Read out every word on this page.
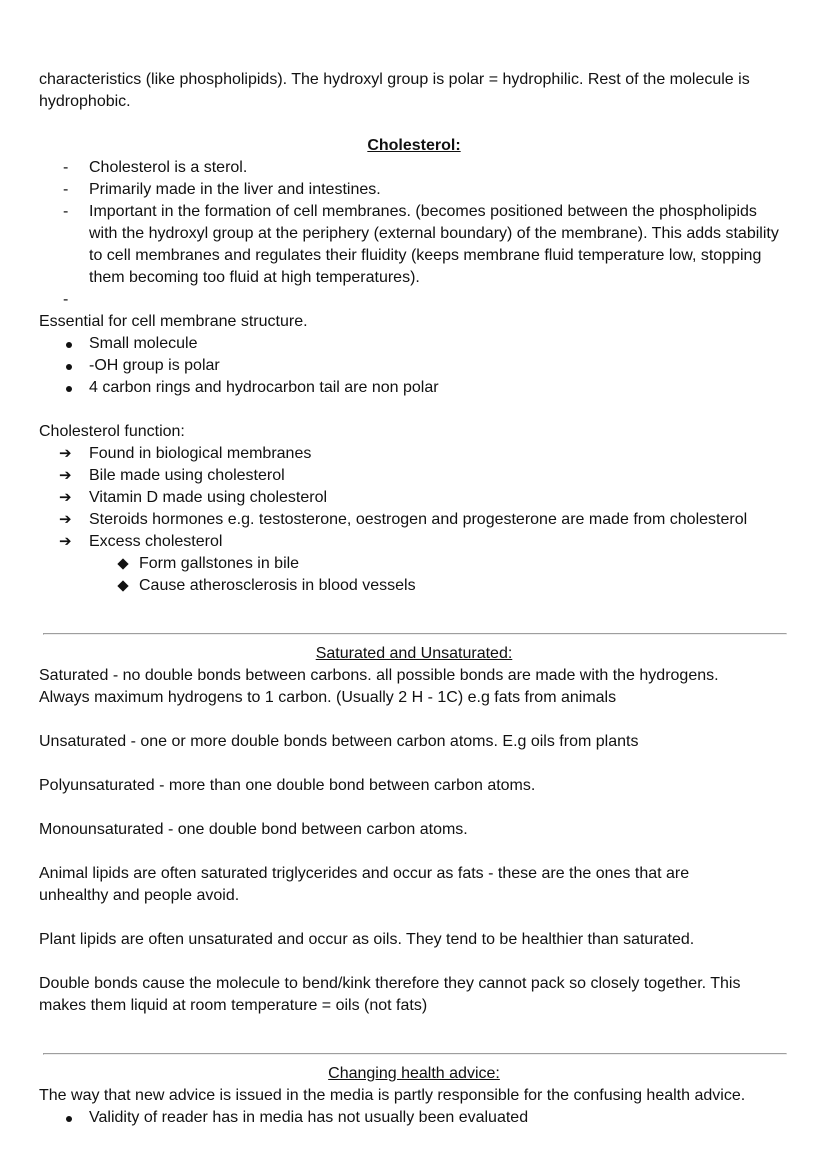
characteristics (like phospholipids). The hydroxyl group is polar = hydrophilic. Rest of the molecule is

hydrophobic.

Cholesterol:

-	Cholesterol is a sterol.
-	Primarily made in the liver and intestines.
-	Important in the formation of cell membranes. (becomes positioned between the phospholipids with the hydroxyl group at the periphery (external boundary) of the membrane). This adds stability to cell membranes and regulates their fluidity (keeps membrane fluid temperature low, stopping them becoming too fluid at high temperatures).
-

Essential for cell membrane structure.

Small molecule
-OH group is polar
4 carbon rings and hydrocarbon tail are non polar

Cholesterol function:

➔	Found in biological membranes
➔	Bile made using cholesterol
➔	Vitamin D made using cholesterol
➔	Steroids hormones e.g. testosterone, oestrogen and progesterone are made from cholesterol
➔	Excess cholesterol
Form gallstones in bile
Cause atherosclerosis in blood vessels

Saturated and Unsaturated:

Saturated - no double bonds between carbons. all possible bonds are made with the hydrogens.

Always maximum hydrogens to 1 carbon. (Usually 2 H - 1C) e.g fats from animals

Unsaturated - one or more double bonds between carbon atoms. E.g oils from plants

Polyunsaturated - more than one double bond between carbon atoms.

Monounsaturated - one double bond between carbon atoms.

Animal lipids are often saturated triglycerides and occur as fats - these are the ones that are

unhealthy and people avoid.

Plant lipids are often unsaturated and occur as oils. They tend to be healthier than saturated.

Double bonds cause the molecule to bend/kink therefore they cannot pack so closely together. This

makes them liquid at room temperature = oils (not fats)

Changing health advice:

The way that new advice is issued in the media is partly responsible for the confusing health advice.

Validity of reader has in media has not usually been evaluated
